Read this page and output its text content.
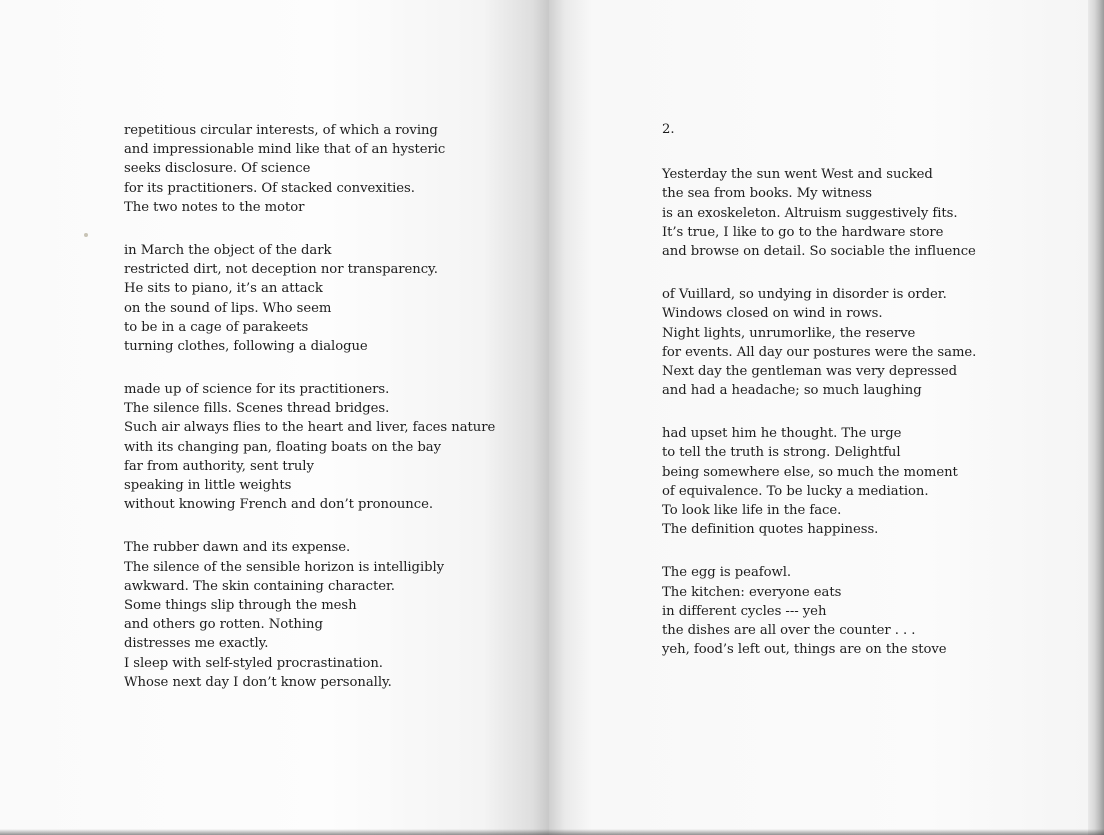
repetitious circular interests, of which a roving
and impressionable mind like that of an hysteric
seeks disclosure. Of science
for its practitioners. Of stacked convexities.
The two notes to the motor
in March the object of the dark
restricted dirt, not deception nor transparency.
He sits to piano, it’s an attack
on the sound of lips. Who seem
to be in a cage of parakeets
turning clothes, following a dialogue
made up of science for its practitioners.
The silence fills. Scenes thread bridges.
Such air always flies to the heart and liver, faces nature
with its changing pan, floating boats on the bay
far from authority, sent truly
speaking in little weights
without knowing French and don’t pronounce.
The rubber dawn and its expense.
The silence of the sensible horizon is intelligibly
awkward. The skin containing character.
Some things slip through the mesh
and others go rotten. Nothing
distresses me exactly.
I sleep with self-styled procrastination.
Whose next day I don’t know personally.
2.
Yesterday the sun went West and sucked
the sea from books. My witness
is an exoskeleton. Altruism suggestively fits.
It’s true, I like to go to the hardware store
and browse on detail. So sociable the influence
of Vuillard, so undying in disorder is order.
Windows closed on wind in rows.
Night lights, unrumorlike, the reserve
for events. All day our postures were the same.
Next day the gentleman was very depressed
and had a headache; so much laughing
had upset him he thought. The urge
to tell the truth is strong. Delightful
being somewhere else, so much the moment
of equivalence. To be lucky a mediation.
To look like life in the face.
The definition quotes happiness.
The egg is peafowl.
The kitchen: everyone eats
in different cycles --- yeh
the dishes are all over the counter . . .
yeh, food’s left out, things are on the stove
